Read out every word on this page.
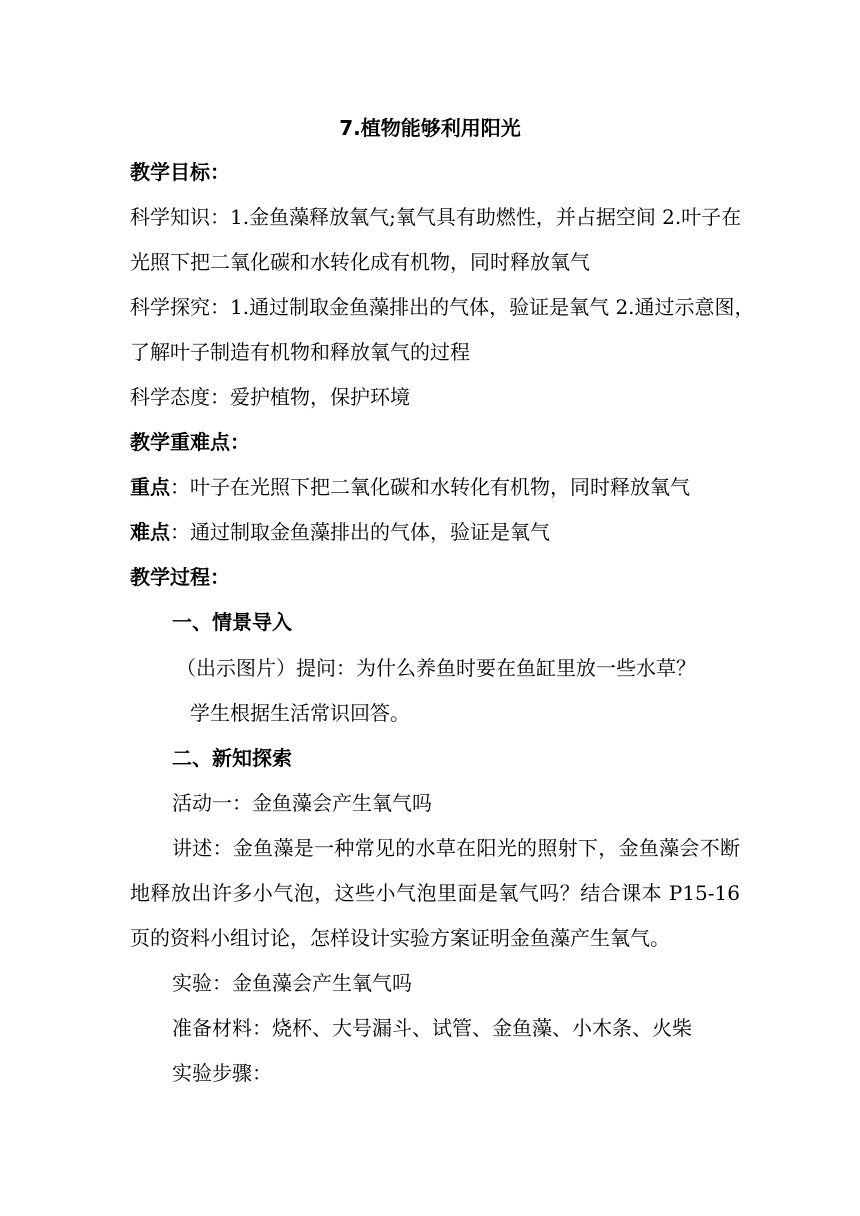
7.植物能够利用阳光
教学目标：
科学知识：1.金鱼藻释放氧气;氧气具有助燃性，并占据空间 2.叶子在
光照下把二氧化碳和水转化成有机物，同时释放氧气
科学探究：1.通过制取金鱼藻排出的气体，验证是氧气 2.通过示意图，
了解叶子制造有机物和释放氧气的过程
科学态度：爱护植物，保护环境
教学重难点：
重点：叶子在光照下把二氧化碳和水转化有机物，同时释放氧气
难点：通过制取金鱼藻排出的气体，验证是氧气
教学过程：
一、情景导入
（出示图片）提问：为什么养鱼时要在鱼缸里放一些水草？
学生根据生活常识回答。
二、新知探索
活动一：金鱼藻会产生氧气吗
讲述：金鱼藻是一种常见的水草在阳光的照射下，金鱼藻会不断
地释放出许多小气泡，这些小气泡里面是氧气吗？结合课本 P15-16
页的资料小组讨论，怎样设计实验方案证明金鱼藻产生氧气。
实验：金鱼藻会产生氧气吗
准备材料：烧杯、大号漏斗、试管、金鱼藻、小木条、火柴
实验步骤：
